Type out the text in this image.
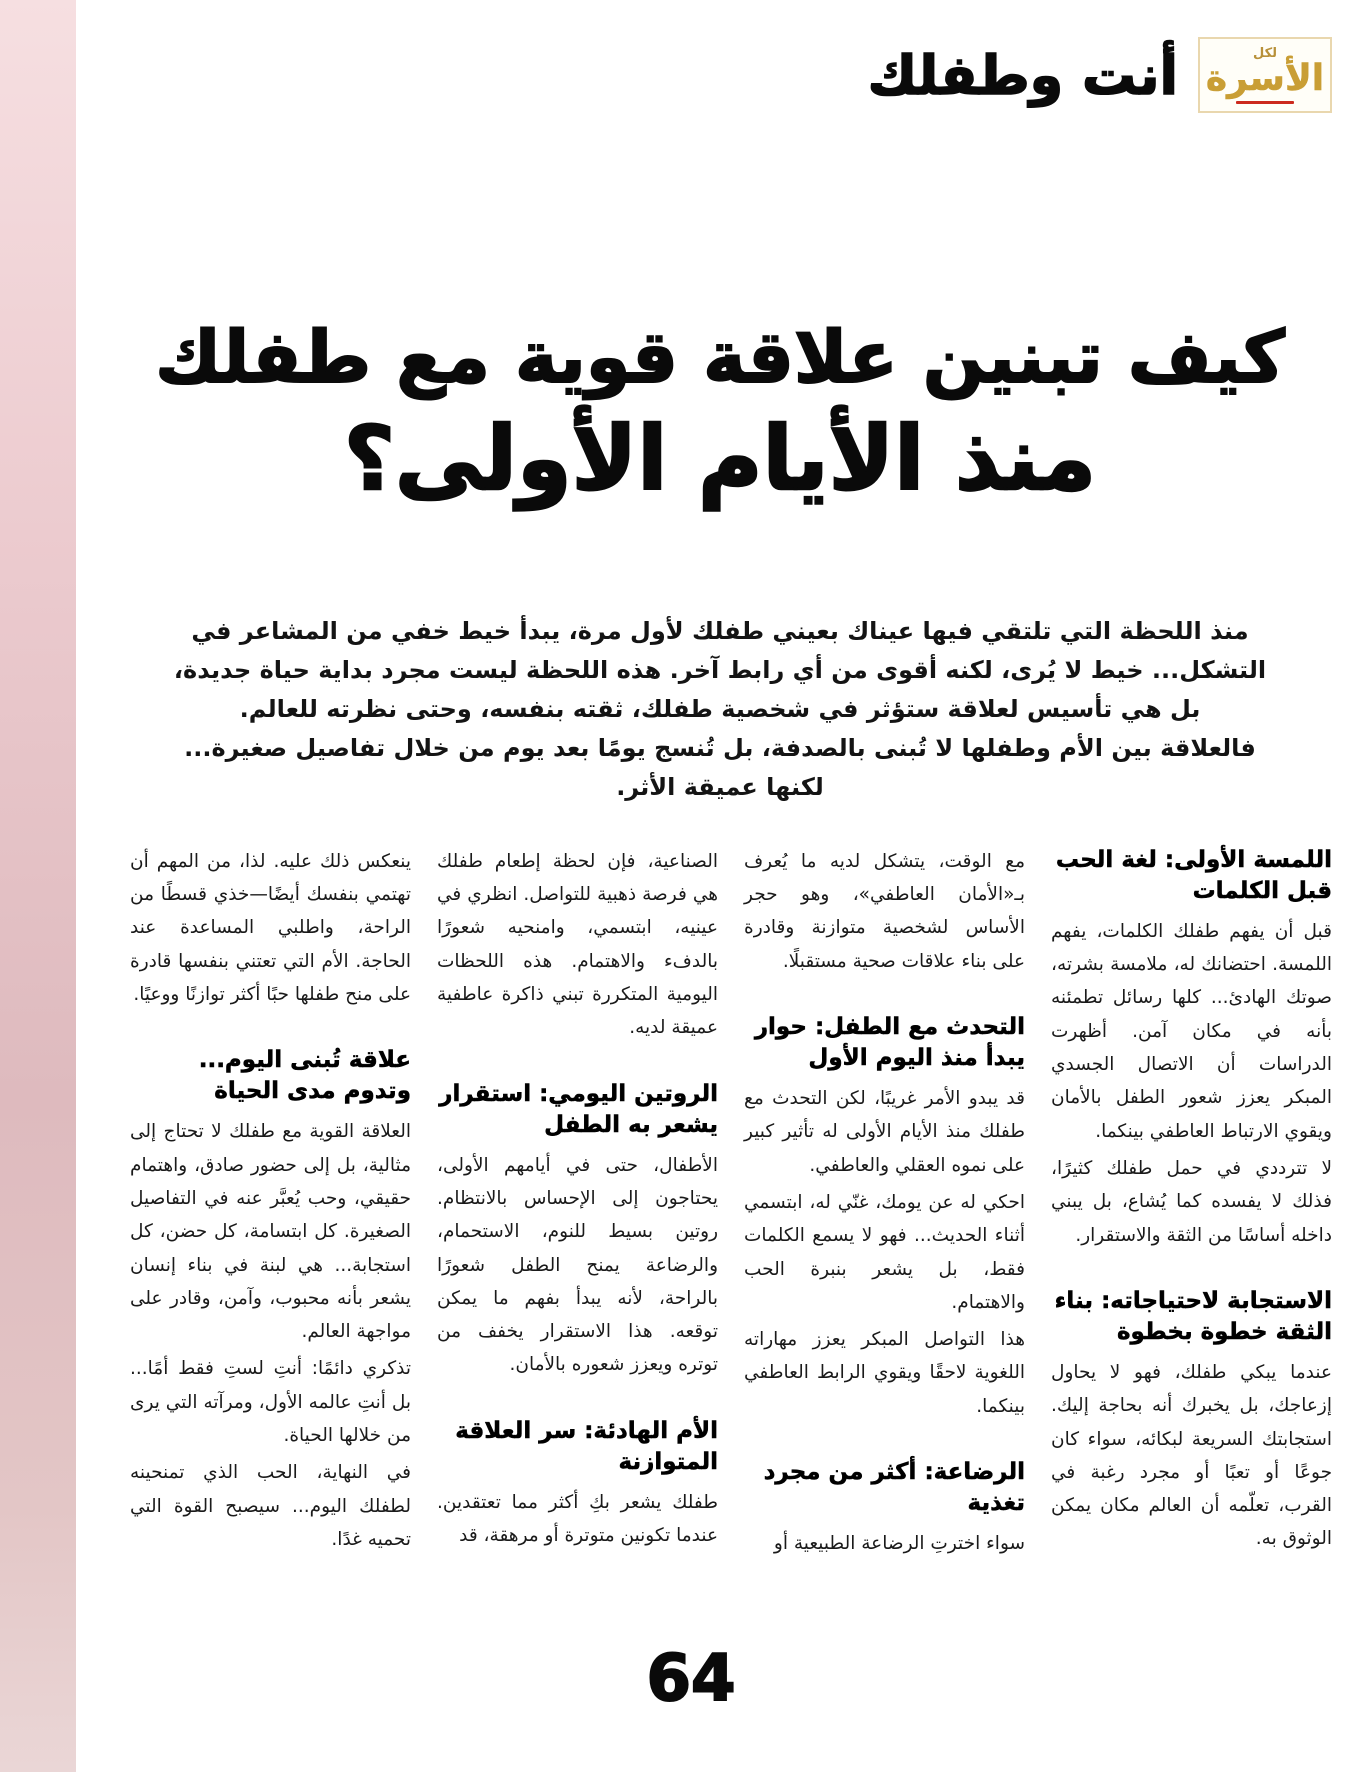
لكل
الأسرة
أنت وطفلك
كيف تبنين علاقة قوية مع طفلك
منذ الأيام الأولى؟

منذ اللحظة التي تلتقي فيها عيناك بعيني طفلك لأول مرة، يبدأ خيط خفي من المشاعر في التشكل... خيط لا يُرى، لكنه أقوى من أي رابط آخر. هذه اللحظة ليست مجرد بداية حياة جديدة، بل هي تأسيس لعلاقة ستؤثر في شخصية طفلك، ثقته بنفسه، وحتى نظرته للعالم.

فالعلاقة بين الأم وطفلها لا تُبنى بالصدفة، بل تُنسج يومًا بعد يوم من خلال تفاصيل صغيرة... لكنها عميقة الأثر.

اللمسة الأولى: لغة الحب قبل الكلمات

قبل أن يفهم طفلك الكلمات، يفهم اللمسة. احتضانك له، ملامسة بشرته، صوتك الهادئ... كلها رسائل تطمئنه بأنه في مكان آمن. أظهرت الدراسات أن الاتصال الجسدي المبكر يعزز شعور الطفل بالأمان ويقوي الارتباط العاطفي بينكما.

لا تترددي في حمل طفلك كثيرًا، فذلك لا يفسده كما يُشاع، بل يبني داخله أساسًا من الثقة والاستقرار.

الاستجابة لاحتياجاته: بناء الثقة خطوة بخطوة

عندما يبكي طفلك، فهو لا يحاول إزعاجك، بل يخبرك أنه بحاجة إليك. استجابتك السريعة لبكائه، سواء كان جوعًا أو تعبًا أو مجرد رغبة في القرب، تعلّمه أن العالم مكان يمكن الوثوق به.

مع الوقت، يتشكل لديه ما يُعرف بـ«الأمان العاطفي»، وهو حجر الأساس لشخصية متوازنة وقادرة على بناء علاقات صحية مستقبلًا.

التحدث مع الطفل: حوار يبدأ منذ اليوم الأول

قد يبدو الأمر غريبًا، لكن التحدث مع طفلك منذ الأيام الأولى له تأثير كبير على نموه العقلي والعاطفي.

احكي له عن يومك، غنّي له، ابتسمي أثناء الحديث... فهو لا يسمع الكلمات فقط، بل يشعر بنبرة الحب والاهتمام.

هذا التواصل المبكر يعزز مهاراته اللغوية لاحقًا ويقوي الرابط العاطفي بينكما.

الرضاعة: أكثر من مجرد تغذية

سواء اخترتِ الرضاعة الطبيعية أو

الصناعية، فإن لحظة إطعام طفلك هي فرصة ذهبية للتواصل. انظري في عينيه، ابتسمي، وامنحيه شعورًا بالدفء والاهتمام. هذه اللحظات اليومية المتكررة تبني ذاكرة عاطفية عميقة لديه.

الروتين اليومي: استقرار يشعر به الطفل

الأطفال، حتى في أيامهم الأولى، يحتاجون إلى الإحساس بالانتظام. روتين بسيط للنوم، الاستحمام، والرضاعة يمنح الطفل شعورًا بالراحة، لأنه يبدأ بفهم ما يمكن توقعه. هذا الاستقرار يخفف من توتره ويعزز شعوره بالأمان.

الأم الهادئة: سر العلاقة المتوازنة

طفلك يشعر بكِ أكثر مما تعتقدين. عندما تكونين متوترة أو مرهقة، قد

ينعكس ذلك عليه. لذا، من المهم أن تهتمي بنفسك أيضًا—خذي قسطًا من الراحة، واطلبي المساعدة عند الحاجة. الأم التي تعتني بنفسها قادرة على منح طفلها حبًا أكثر توازنًا ووعيًا.

علاقة تُبنى اليوم... وتدوم مدى الحياة

العلاقة القوية مع طفلك لا تحتاج إلى مثالية، بل إلى حضور صادق، واهتمام حقيقي، وحب يُعبَّر عنه في التفاصيل الصغيرة. كل ابتسامة، كل حضن، كل استجابة... هي لبنة في بناء إنسان يشعر بأنه محبوب، وآمن، وقادر على مواجهة العالم.

تذكري دائمًا: أنتِ لستِ فقط أمًا... بل أنتِ عالمه الأول، ومرآته التي يرى من خلالها الحياة.

في النهاية، الحب الذي تمنحينه لطفلك اليوم... سيصبح القوة التي تحميه غدًا.

64
